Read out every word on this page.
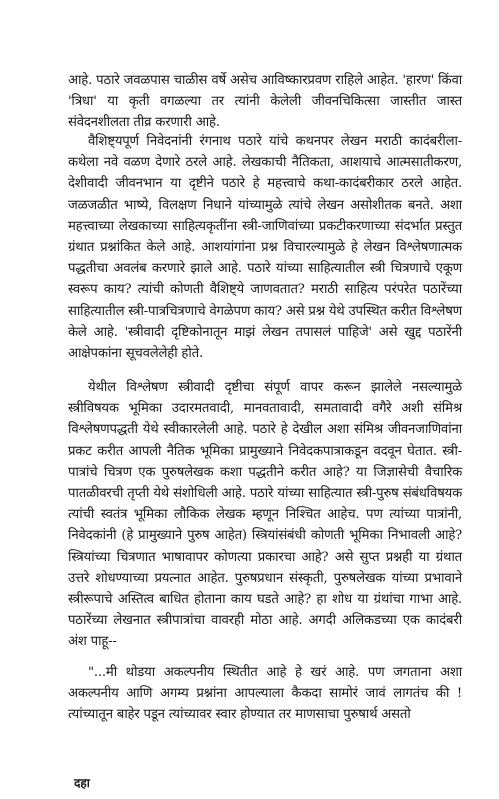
आहे. पठारे जवळपास चाळीस वर्षे असेच आविष्कारप्रवण राहिले आहेत. 'हारण' किंवा 'त्रिधा' या कृती वगळल्या तर त्यांनी केलेली जीवनचिकित्सा जास्तीत जास्त संवेदनशीलता तीव्र करणारी आहे.

वैशिष्ट्यपूर्ण निवेदनांनी रंगनाथ पठारे यांचे कथनपर लेखन मराठी कादंबरीला-कथेला नवे वळण देणारे ठरले आहे. लेखकाची नैतिकता, आशयाचे आत्मसातीकरण, देशीवादी जीवनभान या दृष्टीने पठारे हे महत्त्वाचे कथा-कादंबरीकार ठरले आहेत. जळजळीत भाष्ये, विलक्षण निधाने यांच्यामुळे त्यांचे लेखन असोशीतक बनते. अशा महत्त्वाच्या लेखकाच्या साहित्यकृतींना स्त्री-जाणिवांच्या प्रकटीकरणाच्या संदर्भात प्रस्तुत ग्रंथात प्रश्नांकित केले आहे. आशयांगांना प्रश्न विचारल्यामुळे हे लेखन विश्लेषणात्मक पद्धतीचा अवलंब करणारे झाले आहे. पठारे यांच्या साहित्यातील स्त्री चित्रणाचे एकूण स्वरूप काय? त्यांची कोणती वैशिष्ट्ये जाणवतात? मराठी साहित्य परंपरेत पठारेंच्या साहित्यातील स्त्री-पात्रचित्रणाचे वेगळेपण काय? असे प्रश्न येथे उपस्थित करीत विश्लेषण केले आहे. 'स्त्रीवादी दृष्टिकोनातून माझं लेखन तपासलं पाहिजे' असे खुद्द पठारेंनी आक्षेपकांना सूचवलेलेही होते.

येथील विश्लेषण स्त्रीवादी दृष्टीचा संपूर्ण वापर करून झालेले नसल्यामुळे स्त्रीविषयक भूमिका उदारमतवादी, मानवतावादी, समतावादी वगैरे अशी संमिश्र विश्लेषणपद्धती येथे स्वीकारलेली आहे. पठारे हे देखील अशा संमिश्र जीवनजाणिवांना प्रकट करीत आपली नैतिक भूमिका प्रामुख्याने निवेदकपात्राकडून वदवून घेतात. स्त्री-पात्रांचे चित्रण एक पुरुषलेखक कशा पद्धतीने करीत आहे? या जिज्ञासेची वैचारिक पातळीवरची तृप्ती येथे संशोधिली आहे. पठारे यांच्या साहित्यात स्त्री-पुरुष संबंधविषयक त्यांची स्वतंत्र भूमिका लौकिक लेखक म्हणून निश्चित आहेच. पण त्यांच्या पात्रांनी, निवेदकांनी (हे प्रामुख्याने पुरुष आहेत) स्त्रियांसंबंधी कोणती भूमिका निभावली आहे? स्त्रियांच्या चित्रणात भाषावापर कोणत्या प्रकारचा आहे? असे सुप्त प्रश्नही या ग्रंथात उत्तरे शोधण्याच्या प्रयत्नात आहेत. पुरुषप्रधान संस्कृती, पुरुषलेखक यांच्या प्रभावाने स्त्रीरूपाचे अस्तित्व बाधित होताना काय घडते आहे? हा शोध या ग्रंथांचा गाभा आहे. पठारेंच्या लेखनात स्त्रीपात्रांचा वावरही मोठा आहे. अगदी अलिकडच्या एक कादंबरी अंश पाहू--

"...मी थोडया अकल्पनीय स्थितीत आहे हे खरं आहे. पण जगताना अशा अकल्पनीय आणि अगम्य प्रश्नांना आपल्याला कैकदा सामोरं जावं लागतंच की ! त्यांच्यातून बाहेर पडून त्यांच्यावर स्वार होण्यात तर माणसाचा पुरुषार्थ असतो

दहा
